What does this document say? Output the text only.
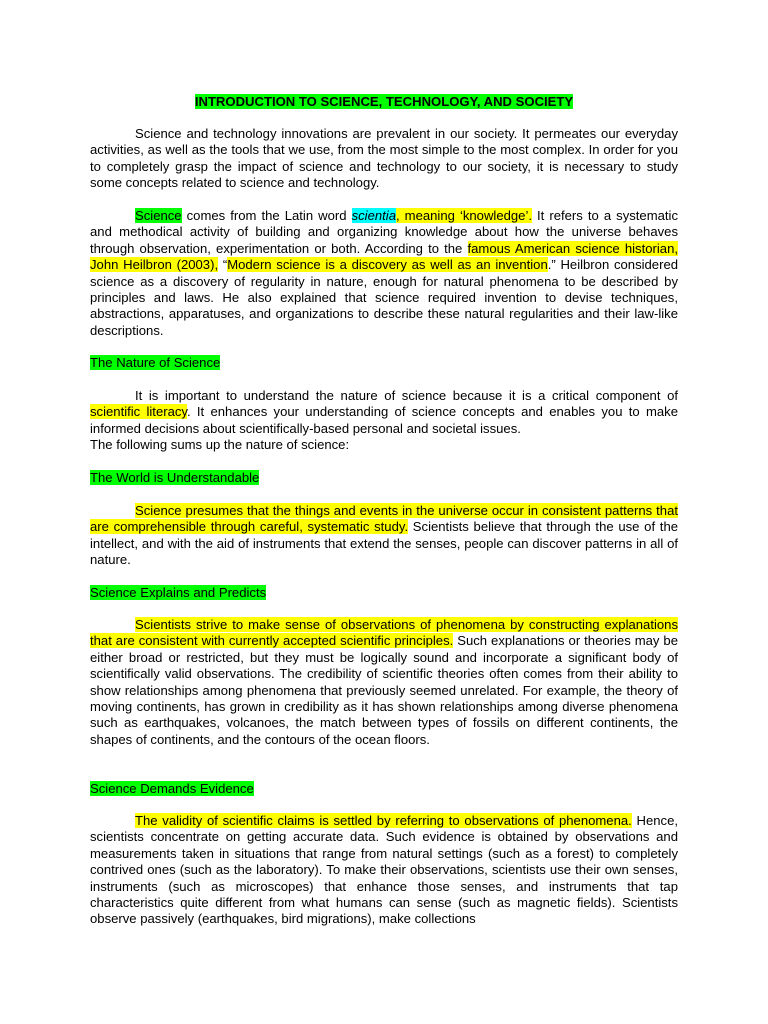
INTRODUCTION TO SCIENCE, TECHNOLOGY, AND SOCIETY

Science and technology innovations are prevalent in our society. It permeates our everyday activities, as well as the tools that we use, from the most simple to the most complex. In order for you to completely grasp the impact of science and technology to our society, it is necessary to study some concepts related to science and technology.

Science comes from the Latin word scientia, meaning ‘knowledge’. It refers to a systematic and methodical activity of building and organizing knowledge about how the universe behaves through observation, experimentation or both. According to the famous American science historian, John Heilbron (2003), “Modern science is a discovery as well as an invention.” Heilbron considered science as a discovery of regularity in nature, enough for natural phenomena to be described by principles and laws. He also explained that science required invention to devise techniques, abstractions, apparatuses, and organizations to describe these natural regularities and their law-like descriptions.

The Nature of Science

It is important to understand the nature of science because it is a critical component of scientific literacy. It enhances your understanding of science concepts and enables you to make informed decisions about scientifically-based personal and societal issues.
The following sums up the nature of science:

The World is Understandable

Science presumes that the things and events in the universe occur in consistent patterns that are comprehensible through careful, systematic study. Scientists believe that through the use of the intellect, and with the aid of instruments that extend the senses, people can discover patterns in all of nature.

Science Explains and Predicts

Scientists strive to make sense of observations of phenomena by constructing explanations that are consistent with currently accepted scientific principles. Such explanations or theories may be either broad or restricted, but they must be logically sound and incorporate a significant body of scientifically valid observations. The credibility of scientific theories often comes from their ability to show relationships among phenomena that previously seemed unrelated. For example, the theory of moving continents, has grown in credibility as it has shown relationships among diverse phenomena such as earthquakes, volcanoes, the match between types of fossils on different continents, the shapes of continents, and the contours of the ocean floors.

Science Demands Evidence

The validity of scientific claims is settled by referring to observations of phenomena. Hence, scientists concentrate on getting accurate data. Such evidence is obtained by observations and measurements taken in situations that range from natural settings (such as a forest) to completely contrived ones (such as the laboratory). To make their observations, scientists use their own senses, instruments (such as microscopes) that enhance those senses, and instruments that tap characteristics quite different from what humans can sense (such as magnetic fields). Scientists observe passively (earthquakes, bird migrations), make collections
